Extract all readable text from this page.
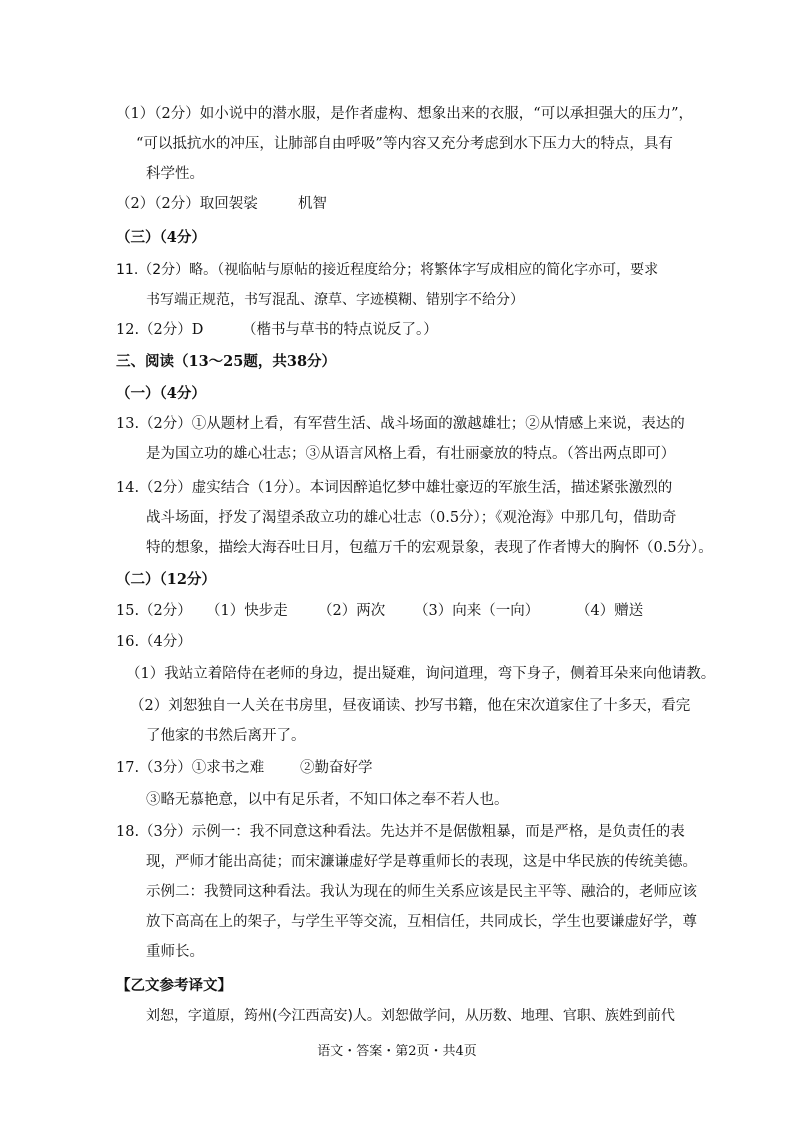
（1）（2分）如小说中的潜水服，是作者虚构、想象出来的衣服，“可以承担强大的压力”，
“可以抵抗水的冲压，让肺部自由呼吸”等内容又充分考虑到水下压力大的特点，具有
科学性。
（2）（2分）取回袈裟	机智
（三）（4分）
11.（2分）略。（视临帖与原帖的接近程度给分；将繁体字写成相应的简化字亦可，要求
书写端正规范，书写混乱、潦草、字迹模糊、错别字不给分）
12.（2分）D	（楷书与草书的特点说反了。）
三、阅读（13～25题，共38分）
（一）（4分）
13.（2分）①从题材上看，有军营生活、战斗场面的激越雄壮；②从情感上来说，表达的
是为国立功的雄心壮志；③从语言风格上看，有壮丽豪放的特点。（答出两点即可）
14.（2分）虚实结合（1分）。本词因醉追忆梦中雄壮豪迈的军旅生活，描述紧张激烈的
战斗场面，抒发了渴望杀敌立功的雄心壮志（0.5分）；《观沧海》中那几句，借助奇
特的想象，描绘大海吞吐日月，包蕴万千的宏观景象，表现了作者博大的胸怀（0.5分）。
（二）（12分）
15.（2分） （1）快步走 （2）两次 （3）向来（一向）	（4）赠送
16.（4分）
（1）我站立着陪侍在老师的身边，提出疑难，询问道理，弯下身子，侧着耳朵来向他请教。
（2）刘恕独自一人关在书房里，昼夜诵读、抄写书籍，他在宋次道家住了十多天，看完
了他家的书然后离开了。
17.（3分）①求书之难 ②勤奋好学
③略无慕艳意，以中有足乐者，不知口体之奉不若人也。
18.（3分）示例一：我不同意这种看法。先达并不是倨傲粗暴，而是严格，是负责任的表
现，严师才能出高徒；而宋濂谦虚好学是尊重师长的表现，这是中华民族的传统美德。
示例二：我赞同这种看法。我认为现在的师生关系应该是民主平等、融洽的，老师应该
放下高高在上的架子，与学生平等交流，互相信任，共同成长，学生也要谦虚好学，尊
重师长。
【乙文参考译文】
刘恕，字道原，筠州(今江西高安)人。刘恕做学问，从历数、地理、官职、族姓到前代
语文・答案・第2页・共4页
